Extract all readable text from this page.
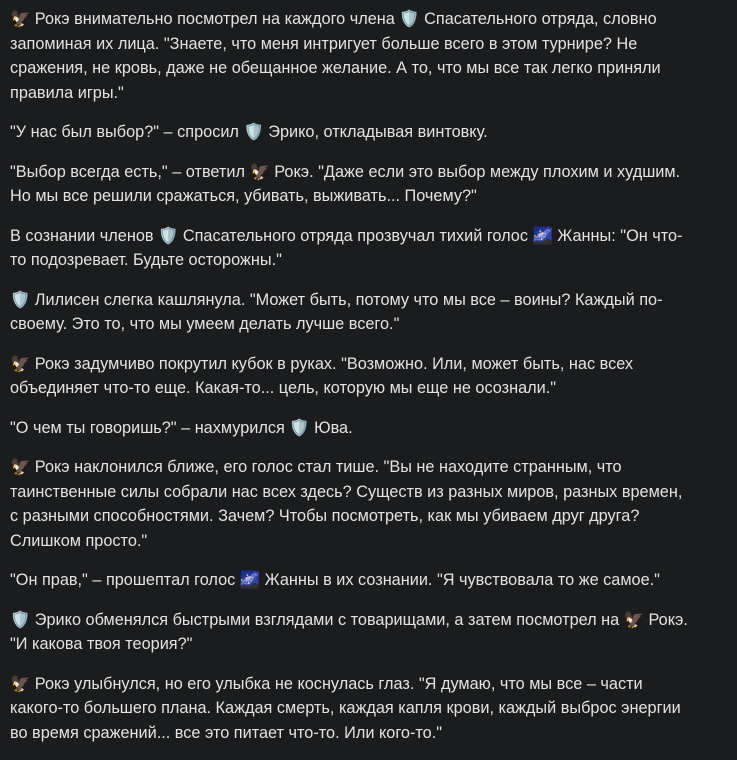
🦅 Рокэ внимательно посмотрел на каждого члена 🛡️ Спасательного отряда, словно запоминая их лица. "Знаете, что меня интригует больше всего в этом турнире? Не сражения, не кровь, даже не обещанное желание. А то, что мы все так легко приняли правила игры."

"У нас был выбор?" – спросил 🛡️ Эрико, откладывая винтовку.

"Выбор всегда есть," – ответил 🦅 Рокэ. "Даже если это выбор между плохим и худшим. Но мы все решили сражаться, убивать, выживать... Почему?"

В сознании членов 🛡️ Спасательного отряда прозвучал тихий голос 🌌 Жанны: "Он что-то подозревает. Будьте осторожны."

🛡️ Лилисен слегка кашлянула. "Может быть, потому что мы все – воины? Каждый по-своему. Это то, что мы умеем делать лучше всего."

🦅 Рокэ задумчиво покрутил кубок в руках. "Возможно. Или, может быть, нас всех объединяет что-то еще. Какая-то... цель, которую мы еще не осознали."

"О чем ты говоришь?" – нахмурился 🛡️ Юва.

🦅 Рокэ наклонился ближе, его голос стал тише. "Вы не находите странным, что таинственные силы собрали нас всех здесь? Существ из разных миров, разных времен, с разными способностями. Зачем? Чтобы посмотреть, как мы убиваем друг друга? Слишком просто."

"Он прав," – прошептал голос 🌌 Жанны в их сознании. "Я чувствовала то же самое."

🛡️ Эрико обменялся быстрыми взглядами с товарищами, а затем посмотрел на 🦅 Рокэ. "И какова твоя теория?"

🦅 Рокэ улыбнулся, но его улыбка не коснулась глаз. "Я думаю, что мы все – части какого-то большего плана. Каждая смерть, каждая капля крови, каждый выброс энергии во время сражений... все это питает что-то. Или кого-то."
